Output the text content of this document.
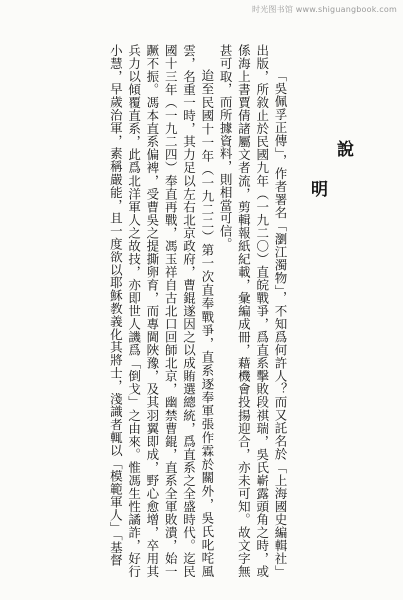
时光图书馆 www.shiguangbook.com
說
明

「吳佩孚正傳」，作者署名「瀏江濁物」，不知爲何許人？而又託名於「上海國史編輯社」出版，所敘止於民國九年（一九二〇）直皖戰爭，爲直系擊敗段祺瑞，吳氏嶄露頭角之時，或係海上書賈倩諸屬文者流，剪輯報紙紀載，彙編成冊，藉機會投揚迎合，亦未可知。故文字無甚可取，而所據資料，則相當可信。

迨至民國十一年（一九二二）第一次直奉戰爭，直系逐奉軍張作霖於關外，吳氏叱咤風雲，名重一時，其力足以左右北京政府，曹錕遂因之以成賄選總統，爲直系之全盛時代。迄民國十三年（一九二四）奉直再戰，馮玉祥自古北口回師北京，幽禁曹錕，直系全軍敗潰，始一蹶不振。馮本直系偏裨，受曹吳之提撕卵育，而專閫陜豫，及其羽翼即成，野心愈增，卒用其兵力以傾覆直系，此爲北洋軍人之故技，亦即世人譏爲「倒戈」之由來。惟馮生性譎詐，好行小慧，早歲治軍，素稱嚴能，且一度欲以耶穌教義化其將士，淺識者輒以「模範軍人」「基督
